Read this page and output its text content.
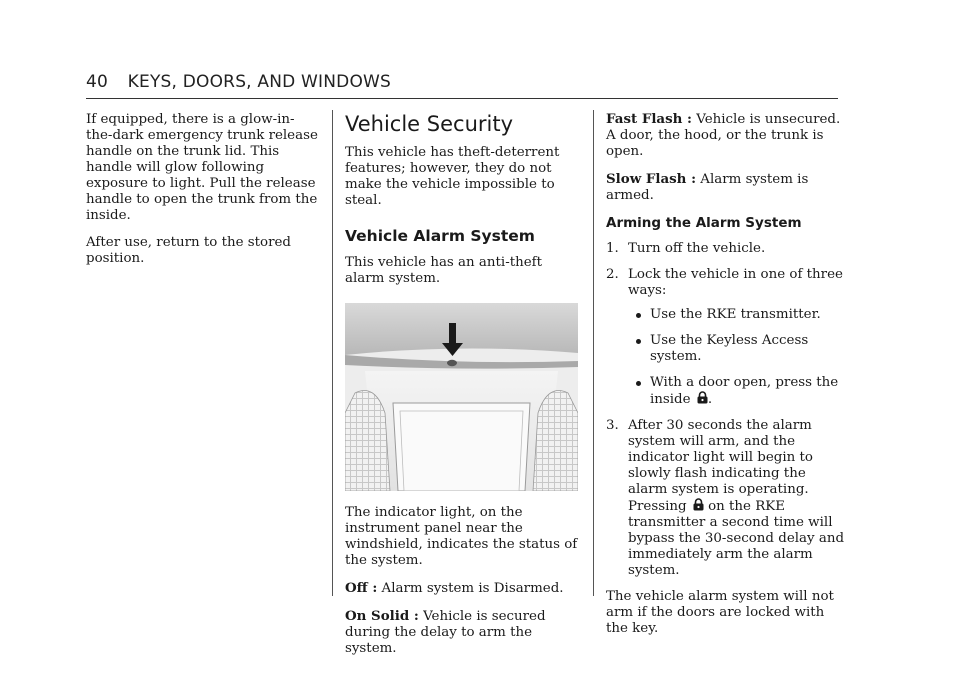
40 KEYS, DOORS, AND WINDOWS

If equipped, there is a glow-in-the-dark emergency trunk release handle on the trunk lid. This handle will glow following exposure to light. Pull the release handle to open the trunk from the inside.

After use, return to the stored position.

Vehicle Security

This vehicle has theft-deterrent features; however, they do not make the vehicle impossible to steal.

Vehicle Alarm System

This vehicle has an anti-theft alarm system.

The indicator light, on the instrument panel near the windshield, indicates the status of the system.

Off : Alarm system is Disarmed.

On Solid : Vehicle is secured during the delay to arm the system.

Fast Flash : Vehicle is unsecured. A door, the hood, or the trunk is open.

Slow Flash : Alarm system is armed.

Arming the Alarm System
1. Turn off the vehicle.
2. Lock the vehicle in one of three ways:
Use the RKE transmitter.
Use the Keyless Access system.
With a door open, press the inside .
3. After 30 seconds the alarm system will arm, and the indicator light will begin to slowly flash indicating the alarm system is operating. Pressing on the RKE transmitter a second time will bypass the 30-second delay and immediately arm the alarm system.

The vehicle alarm system will not arm if the doors are locked with the key.
